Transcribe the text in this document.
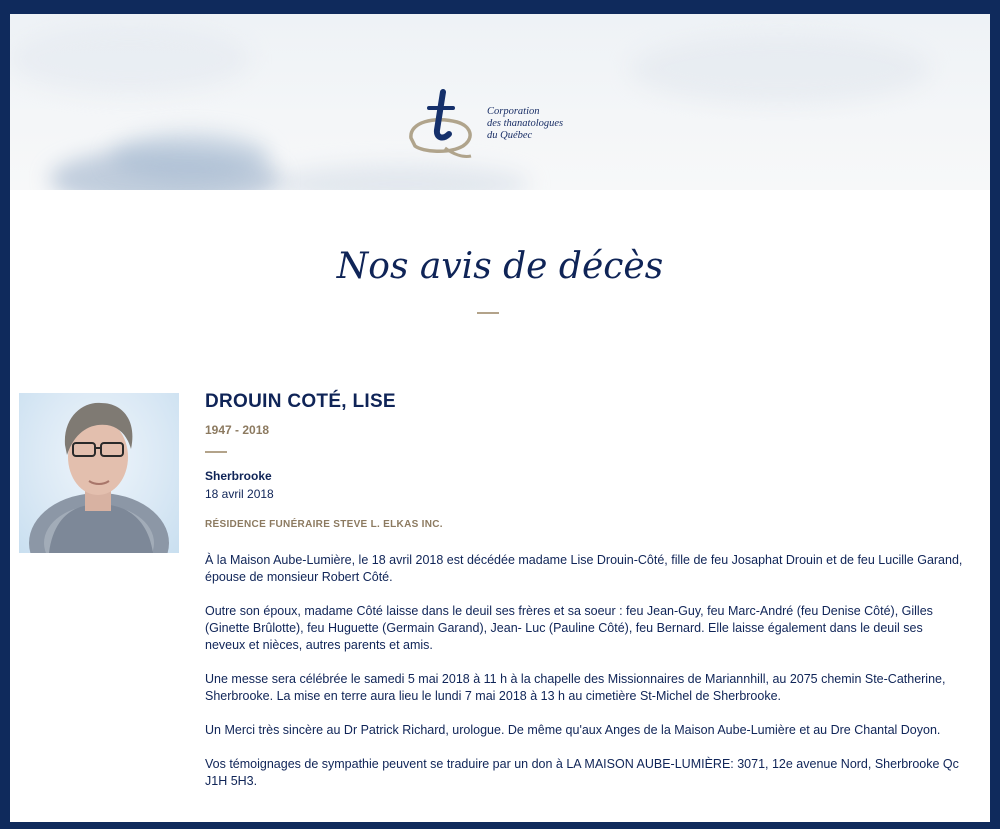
Corporation
des thanatologues
du Québec
Nos avis de décès
DROUIN COTÉ, LISE
1947 - 2018
Sherbrooke
18 avril 2018
RÉSIDENCE FUNÉRAIRE STEVE L. ELKAS INC.

À la Maison Aube-Lumière, le 18 avril 2018 est décédée madame Lise Drouin-Côté, fille de feu Josaphat Drouin et de feu Lucille Garand, épouse de monsieur Robert Côté.

Outre son époux, madame Côté laisse dans le deuil ses frères et sa soeur : feu Jean-Guy, feu Marc-André (feu Denise Côté), Gilles (Ginette Brûlotte), feu Huguette (Germain Garand), Jean- Luc (Pauline Côté), feu Bernard. Elle laisse également dans le deuil ses neveux et nièces, autres parents et amis.

Une messe sera célébrée le samedi 5 mai 2018 à 11 h à la chapelle des Missionnaires de Mariannhill, au 2075 chemin Ste-Catherine, Sherbrooke. La mise en terre aura lieu le lundi 7 mai 2018 à 13 h au cimetière St-Michel de Sherbrooke.

Un Merci très sincère au Dr Patrick Richard, urologue. De même qu'aux Anges de la Maison Aube-Lumière et au Dre Chantal Doyon.

Vos témoignages de sympathie peuvent se traduire par un don à LA MAISON AUBE-LUMIÈRE: 3071, 12e avenue Nord, Sherbrooke Qc J1H 5H3.
